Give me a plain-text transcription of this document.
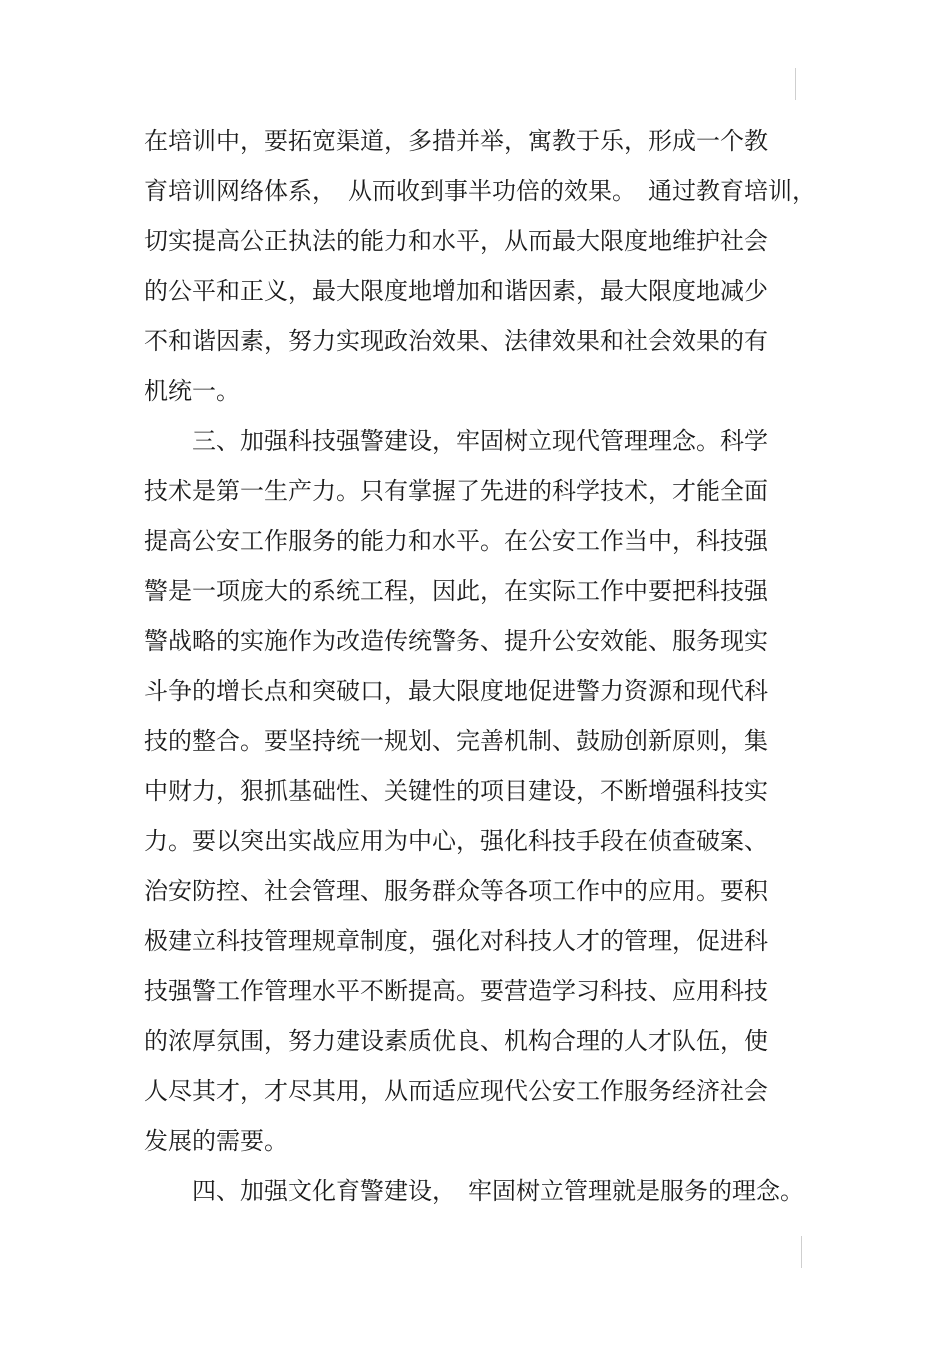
在培训中，要拓宽渠道，多措并举，寓教于乐，形成一个教

育培训网络体系，　从而收到事半功倍的效果。　通过教育培训，

切实提高公正执法的能力和水平，从而最大限度地维护社会

的公平和正义，最大限度地增加和谐因素，最大限度地减少

不和谐因素，努力实现政治效果、法律效果和社会效果的有

机统一。

　　三、加强科技强警建设，牢固树立现代管理理念。科学

技术是第一生产力。只有掌握了先进的科学技术，才能全面

提高公安工作服务的能力和水平。在公安工作当中，科技强

警是一项庞大的系统工程，因此，在实际工作中要把科技强

警战略的实施作为改造传统警务、提升公安效能、服务现实

斗争的增长点和突破口，最大限度地促进警力资源和现代科

技的整合。要坚持统一规划、完善机制、鼓励创新原则，集

中财力，狠抓基础性、关键性的项目建设，不断增强科技实

力。要以突出实战应用为中心，强化科技手段在侦查破案、

治安防控、社会管理、服务群众等各项工作中的应用。要积

极建立科技管理规章制度，强化对科技人才的管理，促进科

技强警工作管理水平不断提高。要营造学习科技、应用科技

的浓厚氛围，努力建设素质优良、机构合理的人才队伍，使

人尽其才，才尽其用，从而适应现代公安工作服务经济社会

发展的需要。

　　四、加强文化育警建设，　牢固树立管理就是服务的理念。
